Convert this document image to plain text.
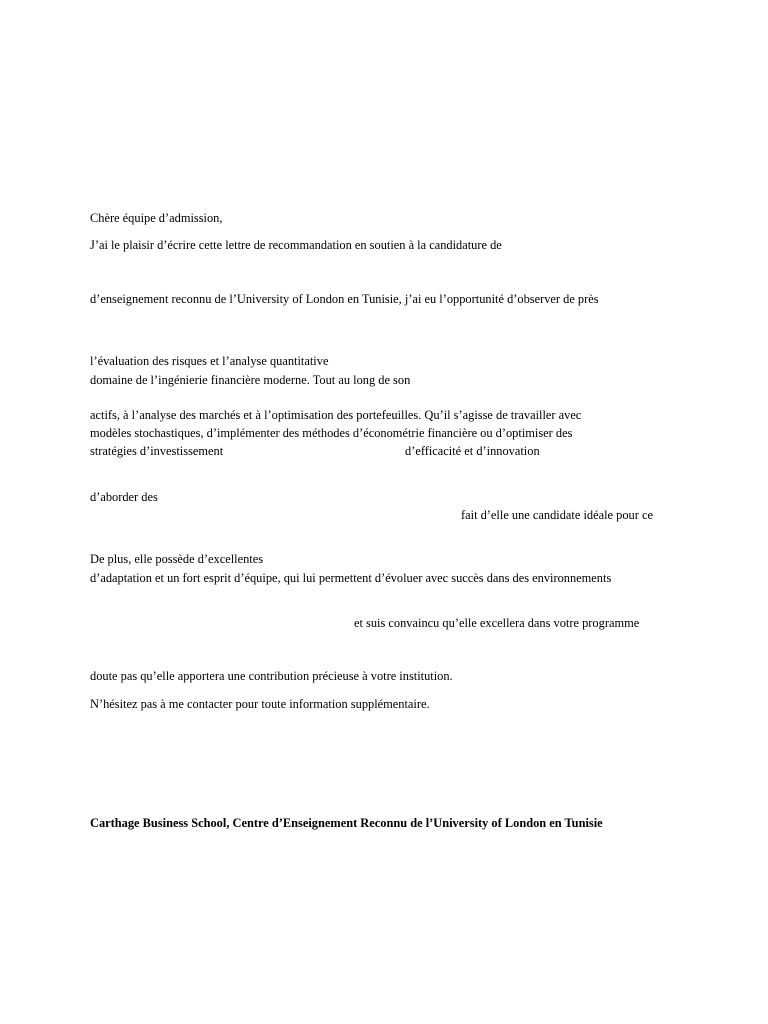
Chère équipe d’admission,
J’ai le plaisir d’écrire cette lettre de recommandation en soutien à la candidature de
d’enseignement reconnu de l’University of London en Tunisie, j’ai eu l’opportunité d’observer de près
l’évaluation des risques et l’analyse quantitative
domaine de l’ingénierie financière moderne. Tout au long de son
actifs, à l’analyse des marchés et à l’optimisation des portefeuilles. Qu’il s’agisse de travailler avec
modèles stochastiques, d’implémenter des méthodes d’économétrie financière ou d’optimiser des
stratégies d’investissement	d’efficacité et d’innovation
d’aborder des
fait d’elle une candidate idéale pour ce
De plus, elle possède d’excellentes
d’adaptation et un fort esprit d’équipe, qui lui permettent d’évoluer avec succès dans des environnements
et suis convaincu qu’elle excellera dans votre programme
doute pas qu’elle apportera une contribution précieuse à votre institution.
N’hésitez pas à me contacter pour toute information supplémentaire.
Carthage Business School, Centre d’Enseignement Reconnu de l’University of London en Tunisie
